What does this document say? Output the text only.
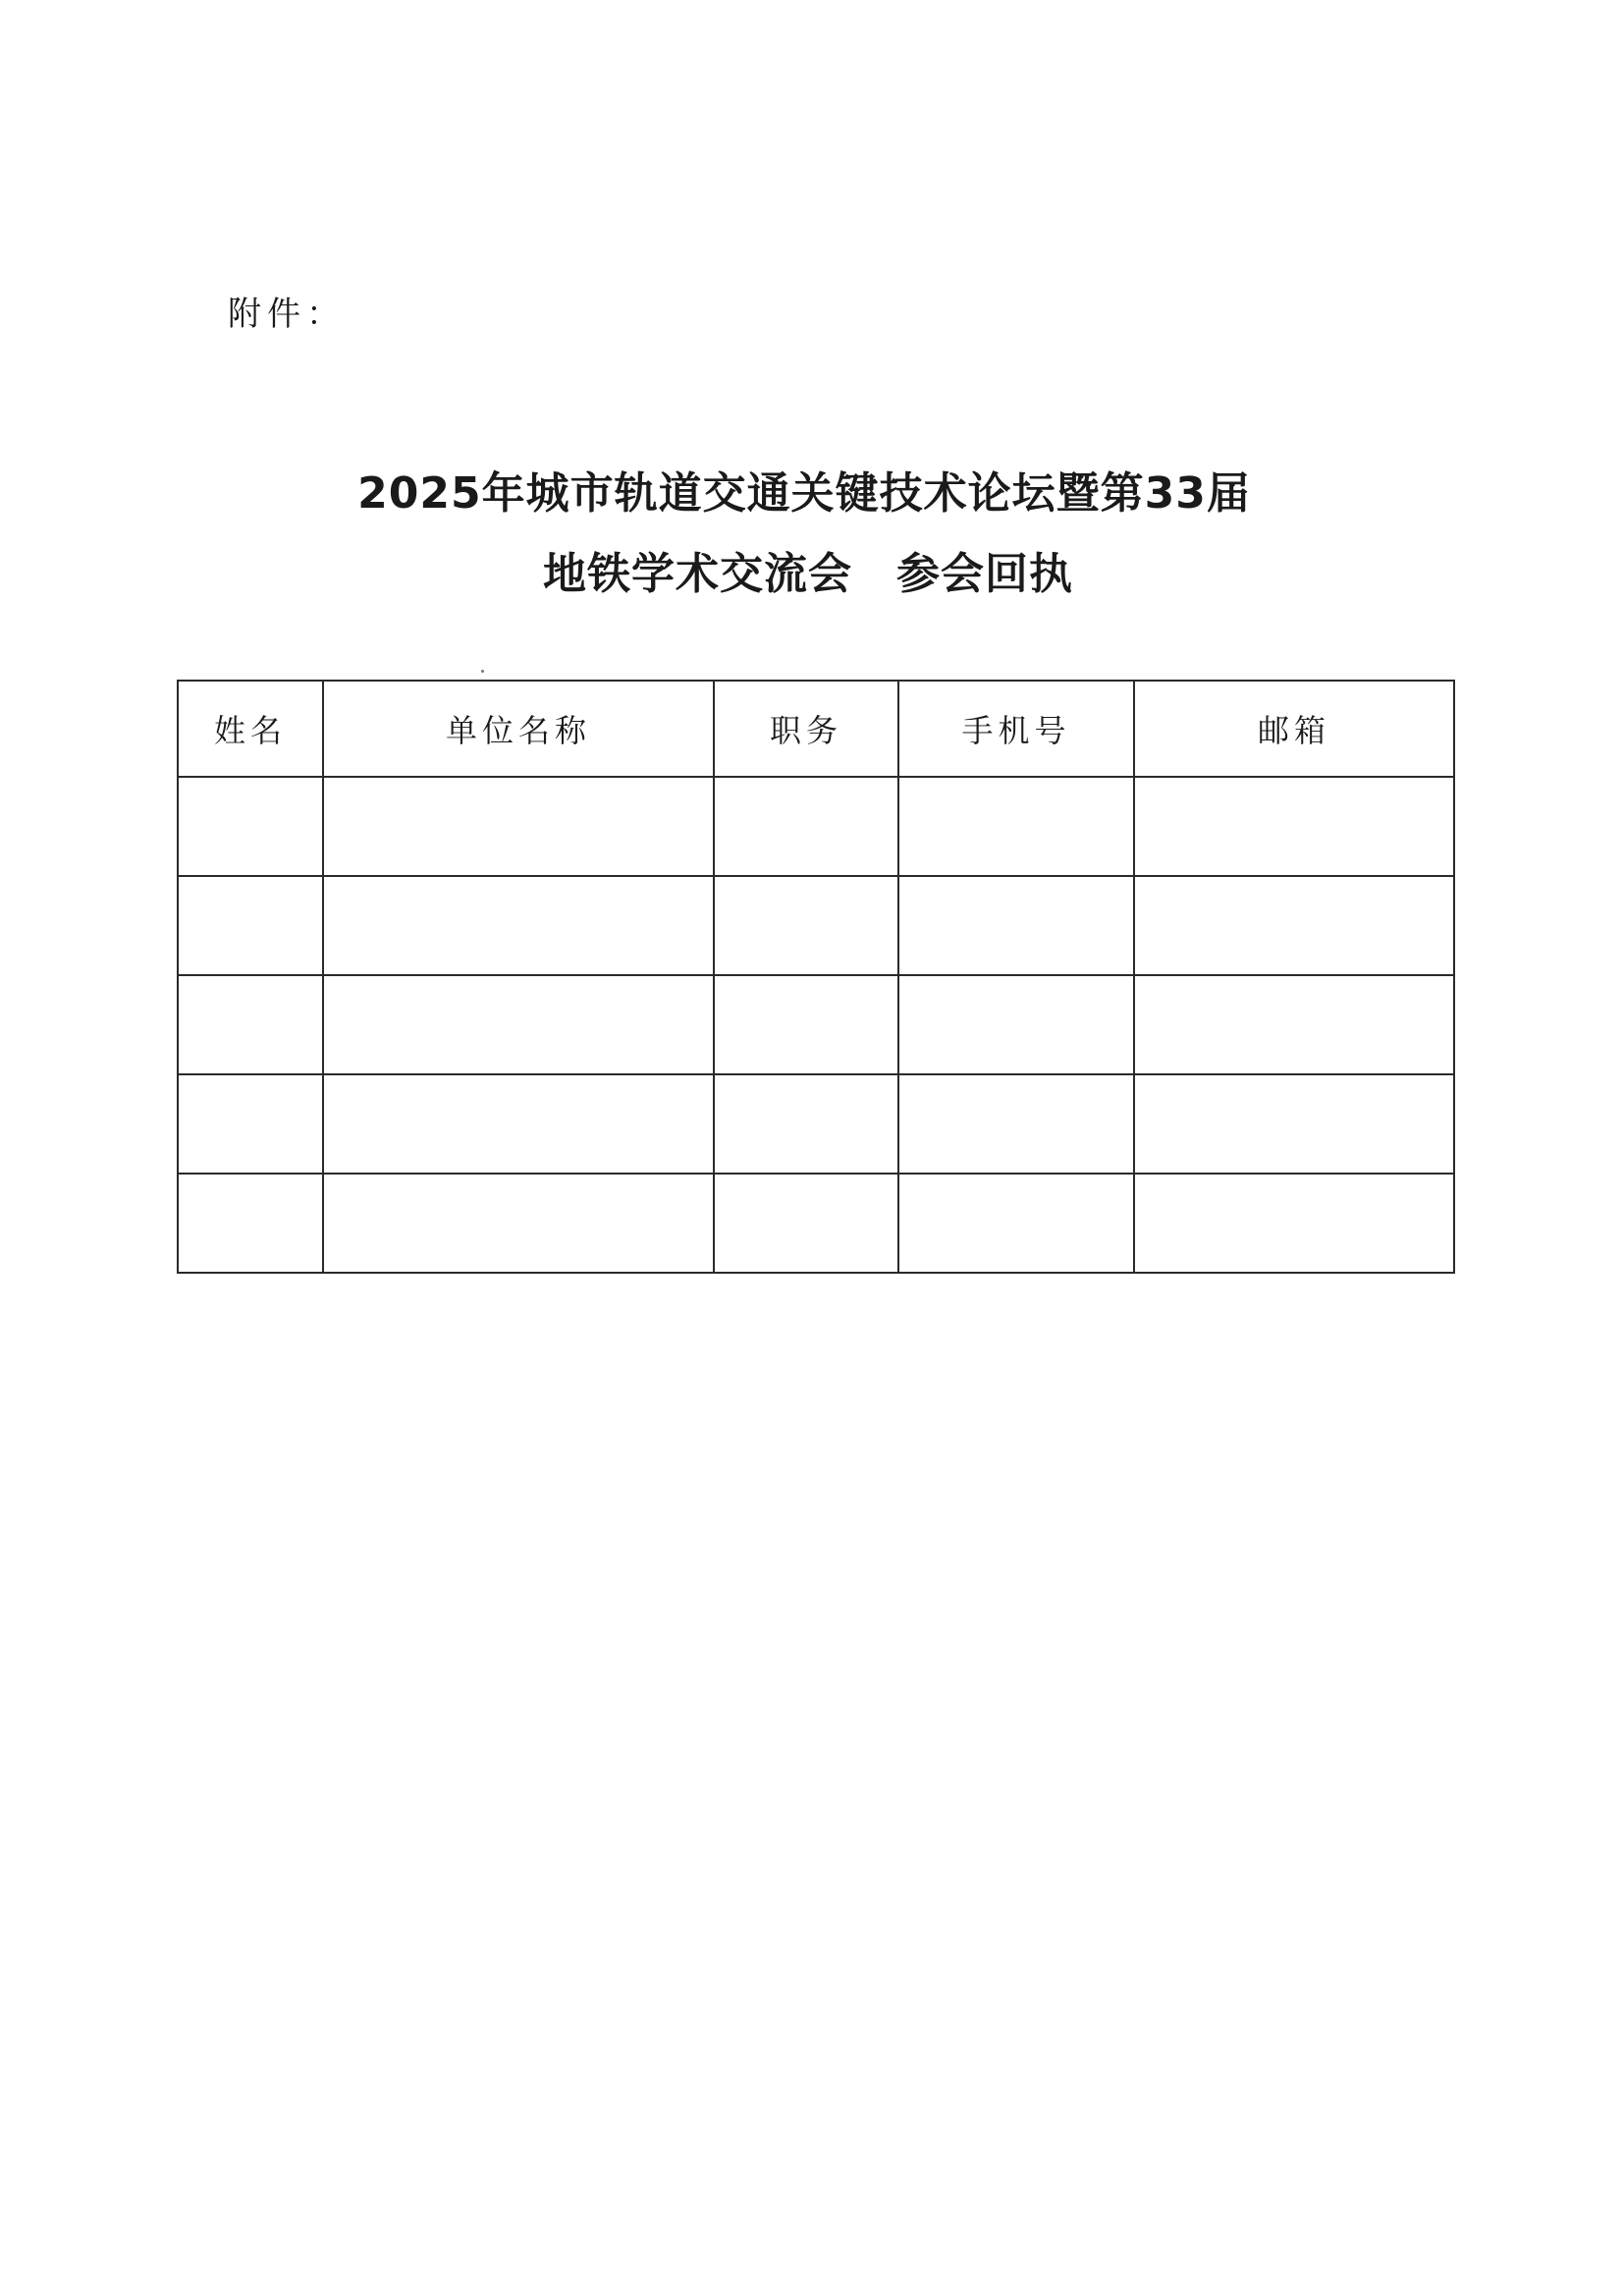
附件：
2025年城市轨道交通关键技术论坛暨第33届
地铁学术交流会　参会回执
姓名	单位名称	职务	手机号	邮箱
